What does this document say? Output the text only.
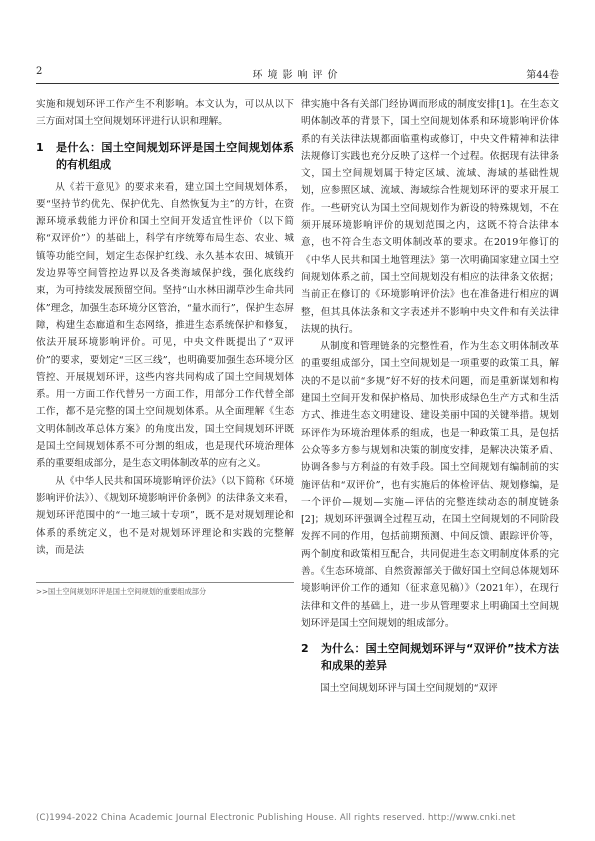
2	环境影响评价	第44卷

实施和规划环评工作产生不利影响。本文认为，可以从以下三方面对国土空间规划环评进行认识和理解。

1	是什么：国土空间规划环评是国土空间规划体系的有机组成

从《若干意见》的要求来看，建立国土空间规划体系，要“坚持节约优先、保护优先、自然恢复为主”的方针，在资源环境承载能力评价和国土空间开发适宜性评价（以下简称“双评价”）的基础上，科学有序统筹布局生态、农业、城镇等功能空间，划定生态保护红线、永久基本农田、城镇开发边界等空间管控边界以及各类海域保护线，强化底线约束，为可持续发展预留空间。坚持“山水林田湖草沙生命共同体”理念，加强生态环境分区管治，“量水而行”，保护生态屏障，构建生态廊道和生态网络，推进生态系统保护和修复，依法开展环境影响评价。可见，中央文件既提出了“双评价”的要求，要划定“三区三线”，也明确要加强生态环境分区管控、开展规划环评，这些内容共同构成了国土空间规划体系。用一方面工作代替另一方面工作，用部分工作代替全部工作，都不是完整的国土空间规划体系。从全面理解《生态文明体制改革总体方案》的角度出发，国土空间规划环评既是国土空间规划体系不可分割的组成，也是现代环境治理体系的重要组成部分，是生态文明体制改革的应有之义。

从《中华人民共和国环境影响评价法》（以下简称《环境影响评价法》）、《规划环境影响评价条例》的法律条文来看，规划环评范围中的“一地三域十专项”，既不是对规划理论和体系的系统定义，也不是对规划环评理论和实践的完整解读，而是法

>>国土空间规划环评是国土空间规划的重要组成部分

律实施中各有关部门经协调而形成的制度安排[1]。在生态文明体制改革的背景下，国土空间规划体系和环境影响评价体系的有关法律法规都面临重构或修订，中央文件精神和法律法规修订实践也充分反映了这样一个过程。依据现有法律条文，国土空间规划属于特定区域、流域、海域的基础性规划，应参照区域、流域、海域综合性规划环评的要求开展工作。一些研究认为国土空间规划作为新设的特殊规划，不在须开展环境影响评价的规划范围之内，这既不符合法律本意，也不符合生态文明体制改革的要求。在2019年修订的《中华人民共和国土地管理法》第一次明确国家建立国土空间规划体系之前，国土空间规划没有相应的法律条文依据；当前正在修订的《环境影响评价法》也在准备进行相应的调整，但其具体法条和文字表述并不影响中央文件和有关法律法规的执行。

从制度和管理链条的完整性看，作为生态文明体制改革的重要组成部分，国土空间规划是一项重要的政策工具，解决的不是以前“多规”好不好的技术问题，而是重新谋划和构建国土空间开发和保护格局、加快形成绿色生产方式和生活方式、推进生态文明建设、建设美丽中国的关键举措。规划环评作为环境治理体系的组成，也是一种政策工具，是包括公众等多方参与规划和决策的制度安排，是解决决策矛盾、协调各参与方利益的有效手段。国土空间规划有编制前的实施评估和“双评价”，也有实施后的体检评估、规划修编，是一个评价—规划—实施—评估的完整连续动态的制度链条[2]；规划环评强调全过程互动，在国土空间规划的不同阶段发挥不同的作用，包括前期预测、中间反馈、跟踪评价等，两个制度和政策相互配合，共同促进生态文明制度体系的完善。《生态环境部、自然资源部关于做好国土空间总体规划环境影响评价工作的通知（征求意见稿）》（2021年），在现行法律和文件的基础上，进一步从管理要求上明确国土空间规划环评是国土空间规划的组成部分。

2	为什么：国土空间规划环评与“双评价”技术方法和成果的差异

国土空间规划环评与国土空间规划的“双评

(C)1994-2022 China Academic Journal Electronic Publishing House. All rights reserved. http://www.cnki.net
